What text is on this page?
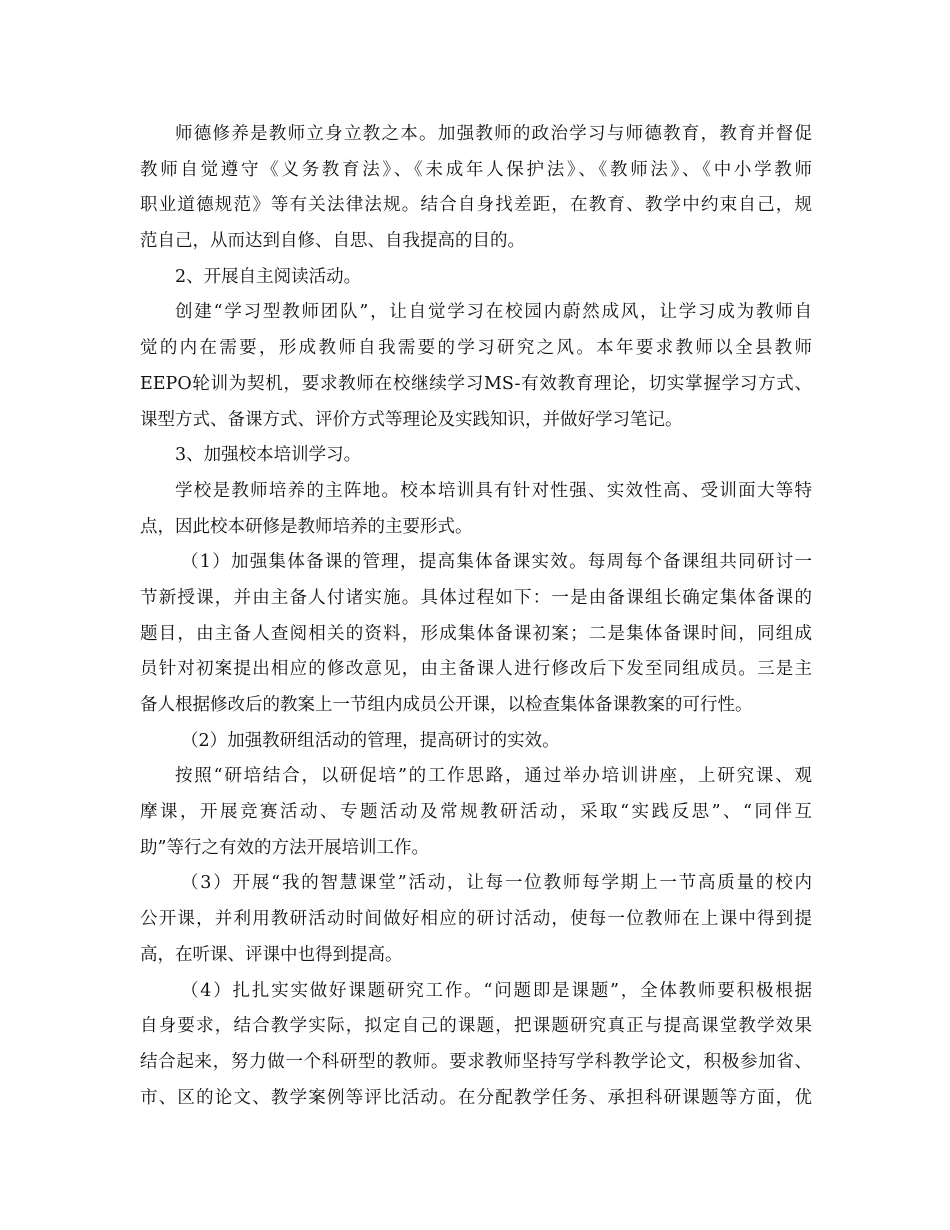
师德修养是教师立身立教之本。加强教师的政治学习与师德教育，教育并督促
教师自觉遵守《义务教育法》、《未成年人保护法》、《教师法》、《中小学教师
职业道德规范》等有关法律法规。结合自身找差距，在教育、教学中约束自己，规
范自己，从而达到自修、自思、自我提高的目的。
2、开展自主阅读活动。
创建“学习型教师团队”，让自觉学习在校园内蔚然成风，让学习成为教师自
觉的内在需要，形成教师自我需要的学习研究之风。本年要求教师以全县教师
EEPO轮训为契机，要求教师在校继续学习MS-有效教育理论，切实掌握学习方式、
课型方式、备课方式、评价方式等理论及实践知识，并做好学习笔记。
3、加强校本培训学习。
学校是教师培养的主阵地。校本培训具有针对性强、实效性高、受训面大等特
点，因此校本研修是教师培养的主要形式。
（1）加强集体备课的管理，提高集体备课实效。每周每个备课组共同研讨一
节新授课，并由主备人付诸实施。具体过程如下：一是由备课组长确定集体备课的
题目，由主备人查阅相关的资料，形成集体备课初案；二是集体备课时间，同组成
员针对初案提出相应的修改意见，由主备课人进行修改后下发至同组成员。三是主
备人根据修改后的教案上一节组内成员公开课，以检查集体备课教案的可行性。
（2）加强教研组活动的管理，提高研讨的实效。
按照“研培结合，以研促培”的工作思路，通过举办培训讲座，上研究课、观
摩课，开展竞赛活动、专题活动及常规教研活动，采取“实践反思”、“同伴互
助”等行之有效的方法开展培训工作。
（3）开展“我的智慧课堂”活动，让每一位教师每学期上一节高质量的校内
公开课，并利用教研活动时间做好相应的研讨活动，使每一位教师在上课中得到提
高，在听课、评课中也得到提高。
（4）扎扎实实做好课题研究工作。“问题即是课题”，全体教师要积极根据
自身要求，结合教学实际，拟定自己的课题，把课题研究真正与提高课堂教学效果
结合起来，努力做一个科研型的教师。要求教师坚持写学科教学论文，积极参加省、
市、区的论文、教学案例等评比活动。在分配教学任务、承担科研课题等方面，优
